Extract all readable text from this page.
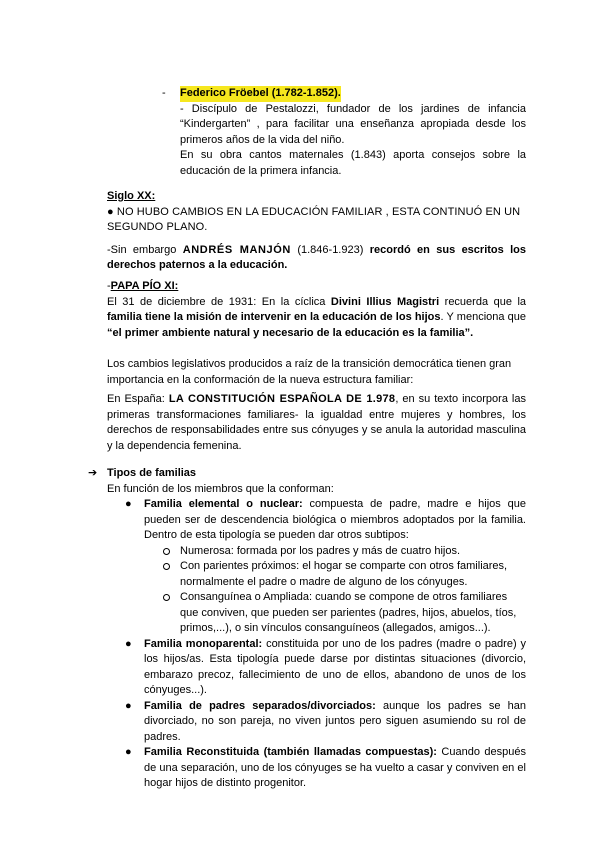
-	Federico Fröebel (1.782-1.852).

- Discípulo de Pestalozzi, fundador de los jardines de infancia “Kindergarten” , para facilitar una enseñanza apropiada desde los primeros años de la vida del niño.

En su obra cantos maternales (1.843) aporta consejos sobre la educación de la primera infancia.

Siglo XX:

● NO HUBO CAMBIOS EN LA EDUCACIÓN FAMILIAR , ESTA CONTINUÓ EN UN SEGUNDO PLANO.

-Sin embargo ANDRÉS MANJÓN (1.846-1.923) recordó en sus escritos los derechos paternos a la educación.

-PAPA PÍO XI:

El 31 de diciembre de 1931: En la cíclica Divini Illius Magistri recuerda que la familia tiene la misión de intervenir en la educación de los hijos. Y menciona que “el primer ambiente natural y necesario de la educación es la familia”.

Los cambios legislativos producidos a raíz de la transición democrática tienen gran importancia en la conformación de la nueva estructura familiar:

En España: LA CONSTITUCIÓN ESPAÑOLA DE 1.978, en su texto incorpora las primeras transformaciones familiares- la igualdad entre mujeres y hombres, los derechos de responsabilidades entre sus cónyuges y se anula la autoridad masculina y la dependencia femenina.

➔ Tipos de familias

En función de los miembros que la conforman:

● Familia elemental o nuclear: compuesta de padre, madre e hijos que pueden ser de descendencia biológica o miembros adoptados por la familia. Dentro de esta tipología se pueden dar otros subtipos:

Numerosa: formada por los padres y más de cuatro hijos.

Con parientes próximos: el hogar se comparte con otros familiares, normalmente el padre o madre de alguno de los cónyuges.

Consanguínea o Ampliada: cuando se compone de otros familiares que conviven, que pueden ser parientes (padres, hijos, abuelos, tíos, primos,...), o sin vínculos consanguíneos (allegados, amigos...).

● Familia monoparental: constituida por uno de los padres (madre o padre) y los hijos/as. Esta tipología puede darse por distintas situaciones (divorcio, embarazo precoz, fallecimiento de uno de ellos, abandono de unos de los cónyuges...).

● Familia de padres separados/divorciados: aunque los padres se han divorciado, no son pareja, no viven juntos pero siguen asumiendo su rol de padres.

● Familia Reconstituida (también llamadas compuestas): Cuando después de una separación, uno de los cónyuges se ha vuelto a casar y conviven en el hogar hijos de distinto progenitor.
